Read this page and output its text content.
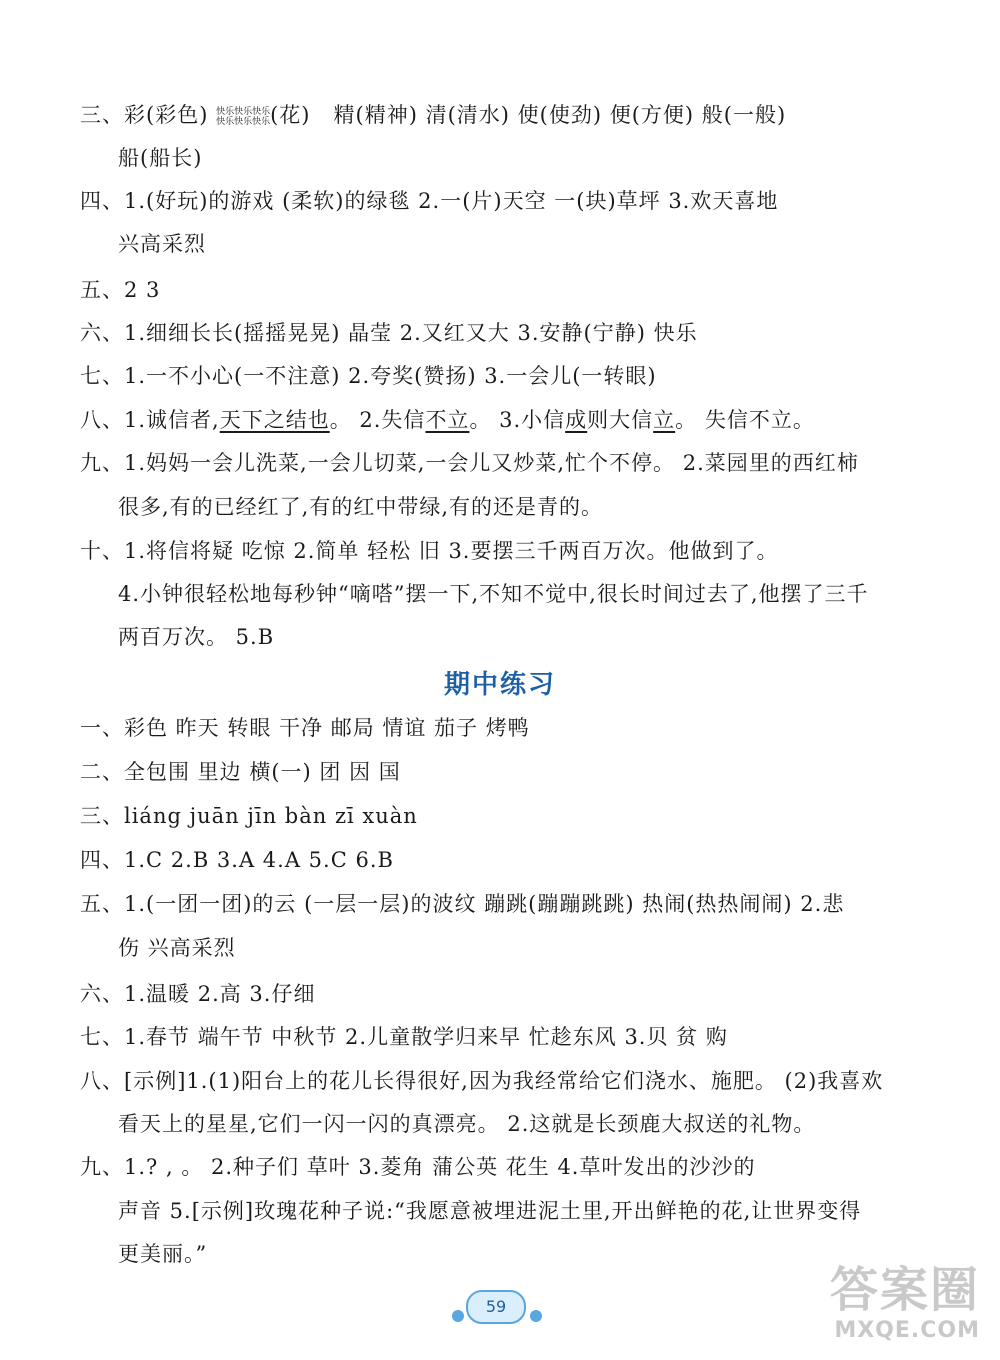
三、彩(彩色) 快乐快乐快乐
快乐快乐快乐(花) 精(精神) 清(清水) 使(使劲) 便(方便) 般(一般)
船(船长)
四、1.(好玩)的游戏 (柔软)的绿毯 2.一(片)天空 一(块)草坪 3.欢天喜地
兴高采烈
五、2 3
六、1.细细长长(摇摇晃晃) 晶莹 2.又红又大 3.安静(宁静) 快乐
七、1.一不小心(一不注意) 2.夸奖(赞扬) 3.一会儿(一转眼)
八、1.诚信者,天下之结也。 2.失信不立。 3.小信成则大信立。 失信不立。
九、1.妈妈一会儿洗菜,一会儿切菜,一会儿又炒菜,忙个不停。 2.菜园里的西红柿
很多,有的已经红了,有的红中带绿,有的还是青的。
十、1.将信将疑 吃惊 2.简单 轻松 旧 3.要摆三千两百万次。他做到了。
4.小钟很轻松地每秒钟“嘀嗒”摆一下,不知不觉中,很长时间过去了,他摆了三千
两百万次。 5.B
期中练习
一、彩色 昨天 转眼 干净 邮局 情谊 茄子 烤鸭
二、全包围 里边 横(一) 团 因 国
三、liáng juān jīn bàn zī xuàn
四、1.C 2.B 3.A 4.A 5.C 6.B
五、1.(一团一团)的云 (一层一层)的波纹 蹦跳(蹦蹦跳跳) 热闹(热热闹闹) 2.悲
伤 兴高采烈
六、1.温暖 2.高 3.仔细
七、1.春节 端午节 中秋节 2.儿童散学归来早 忙趁东风 3.贝 贫 购
八、[示例]1.(1)阳台上的花儿长得很好,因为我经常给它们浇水、施肥。 (2)我喜欢
看天上的星星,它们一闪一闪的真漂亮。 2.这就是长颈鹿大叔送的礼物。
九、1.? , 。 2.种子们 草叶 3.菱角 蒲公英 花生 4.草叶发出的沙沙的
声音 5.[示例]玫瑰花种子说:“我愿意被埋进泥土里,开出鲜艳的花,让世界变得
更美丽。”
59	答案圈
MXQE.COM
